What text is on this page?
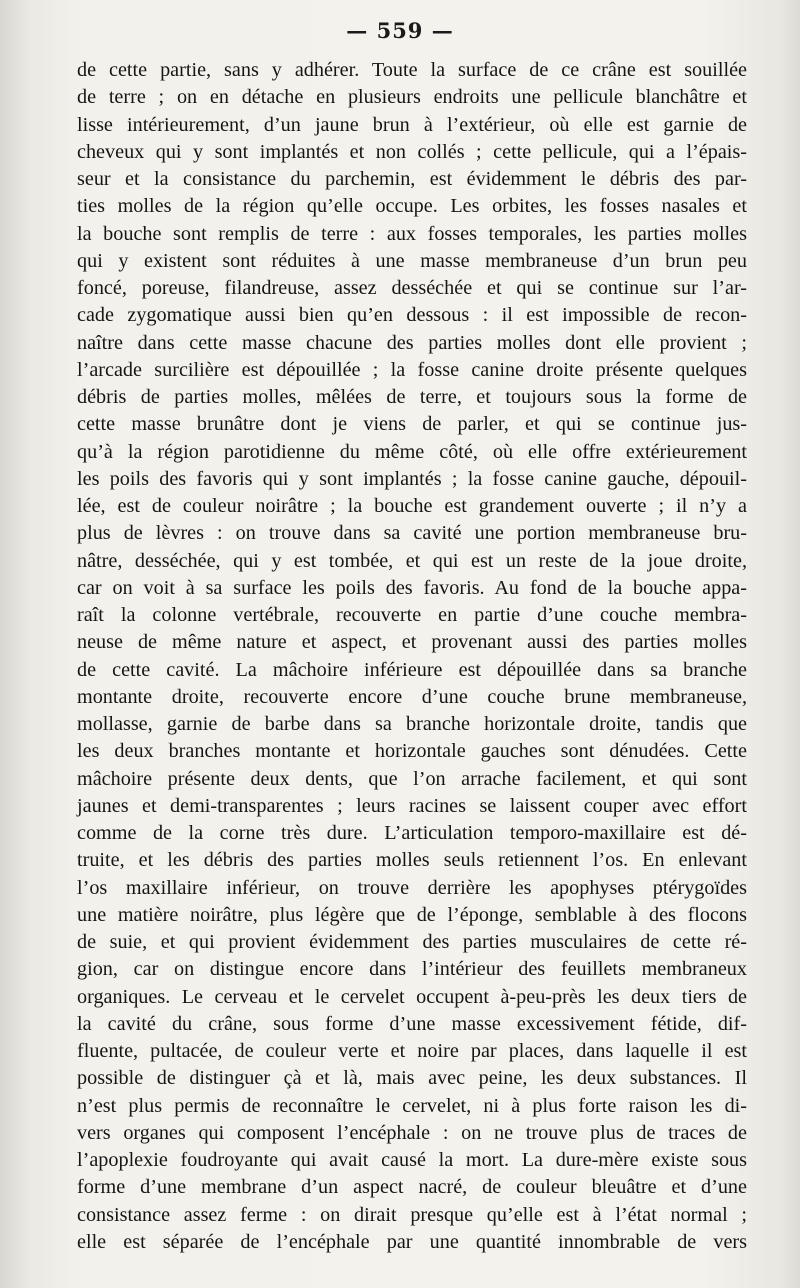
— 559 —
de cette partie, sans y adhérer. Toute la surface de ce crâne est souillée
de terre ; on en détache en plusieurs endroits une pellicule blanchâtre et
lisse intérieurement, d’un jaune brun à l’extérieur, où elle est garnie de
cheveux qui y sont implantés et non collés ; cette pellicule, qui a l’épais-
seur et la consistance du parchemin, est évidemment le débris des par-
ties molles de la région qu’elle occupe. Les orbites, les fosses nasales et
la bouche sont remplis de terre : aux fosses temporales, les parties molles
qui y existent sont réduites à une masse membraneuse d’un brun peu
foncé, poreuse, filandreuse, assez desséchée et qui se continue sur l’ar-
cade zygomatique aussi bien qu’en dessous : il est impossible de recon-
naître dans cette masse chacune des parties molles dont elle provient ;
l’arcade surcilière est dépouillée ; la fosse canine droite présente quelques
débris de parties molles, mêlées de terre, et toujours sous la forme de
cette masse brunâtre dont je viens de parler, et qui se continue jus-
qu’à la région parotidienne du même côté, où elle offre extérieurement
les poils des favoris qui y sont implantés ; la fosse canine gauche, dépouil-
lée, est de couleur noirâtre ; la bouche est grandement ouverte ; il n’y a
plus de lèvres : on trouve dans sa cavité une portion membraneuse bru-
nâtre, desséchée, qui y est tombée, et qui est un reste de la joue droite,
car on voit à sa surface les poils des favoris. Au fond de la bouche appa-
raît la colonne vertébrale, recouverte en partie d’une couche membra-
neuse de même nature et aspect, et provenant aussi des parties molles
de cette cavité. La mâchoire inférieure est dépouillée dans sa branche
montante droite, recouverte encore d’une couche brune membraneuse,
mollasse, garnie de barbe dans sa branche horizontale droite, tandis que
les deux branches montante et horizontale gauches sont dénudées. Cette
mâchoire présente deux dents, que l’on arrache facilement, et qui sont
jaunes et demi-transparentes ; leurs racines se laissent couper avec effort
comme de la corne très dure. L’articulation temporo-maxillaire est dé-
truite, et les débris des parties molles seuls retiennent l’os. En enlevant
l’os maxillaire inférieur, on trouve derrière les apophyses ptérygoïdes
une matière noirâtre, plus légère que de l’éponge, semblable à des flocons
de suie, et qui provient évidemment des parties musculaires de cette ré-
gion, car on distingue encore dans l’intérieur des feuillets membraneux
organiques. Le cerveau et le cervelet occupent à-peu-près les deux tiers de
la cavité du crâne, sous forme d’une masse excessivement fétide, dif-
fluente, pultacée, de couleur verte et noire par places, dans laquelle il est
possible de distinguer çà et là, mais avec peine, les deux substances. Il
n’est plus permis de reconnaître le cervelet, ni à plus forte raison les di-
vers organes qui composent l’encéphale : on ne trouve plus de traces de
l’apoplexie foudroyante qui avait causé la mort. La dure-mère existe sous
forme d’une membrane d’un aspect nacré, de couleur bleuâtre et d’une
consistance assez ferme : on dirait presque qu’elle est à l’état normal ;
elle est séparée de l’encéphale par une quantité innombrable de vers
